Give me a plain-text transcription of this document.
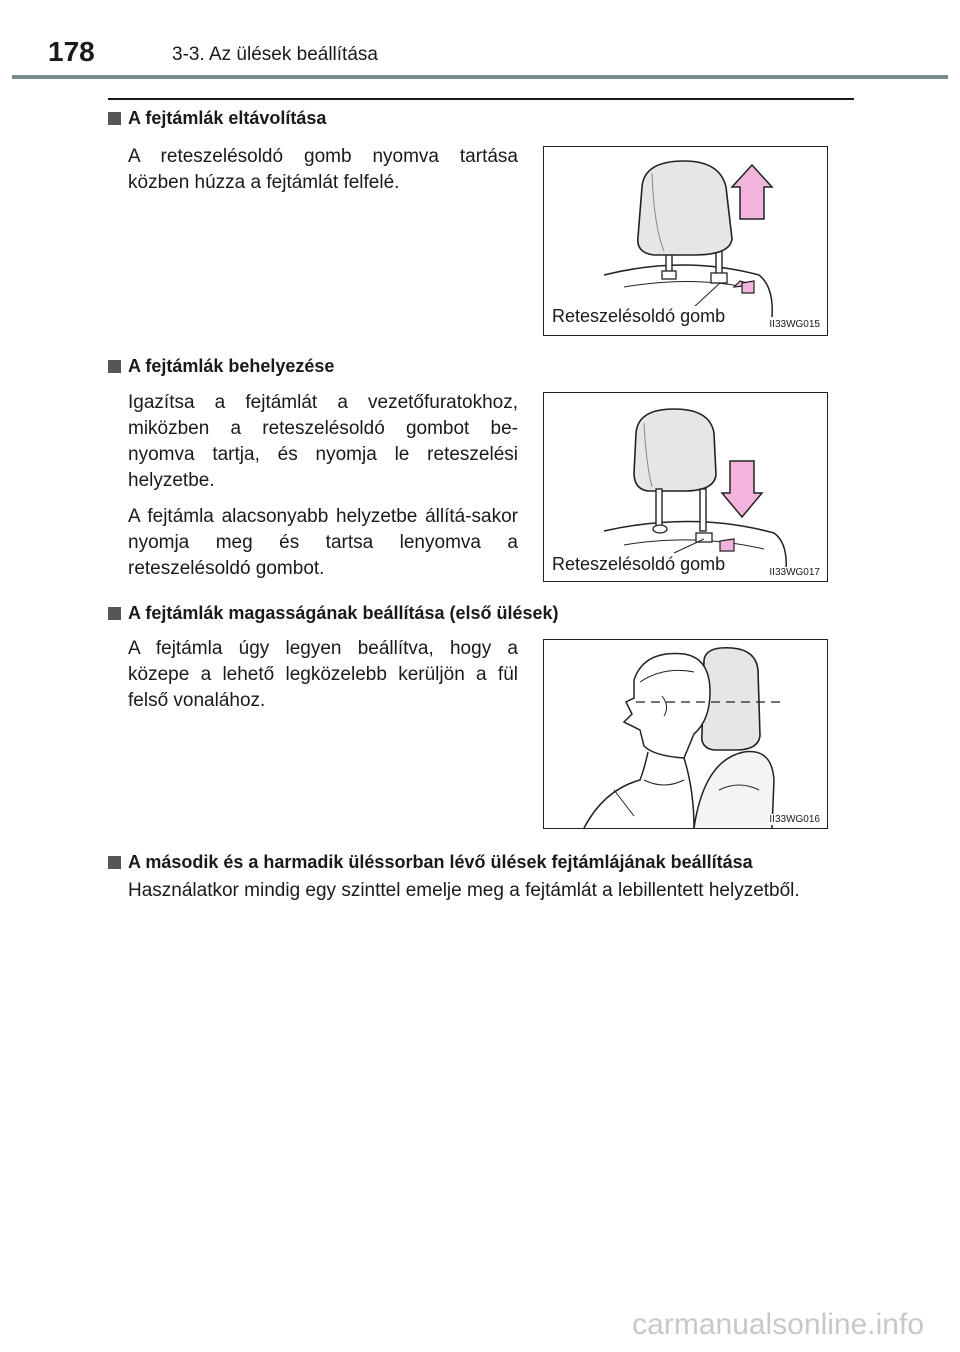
178	3-3. Az ülések beállítása
A fejtámlák eltávolítása

A reteszelésoldó gomb nyomva tartása közben húzza a fejtámlát felfelé.

Reteszelésoldó gomb	II33WG015
A fejtámlák behelyezése

Igazítsa a fejtámlát a vezetőfuratokhoz, miközben a reteszelésoldó gombot be-nyomva tartja, és nyomja le reteszelési helyzetbe.

A fejtámla alacsonyabb helyzetbe állítá-sakor nyomja meg és tartsa lenyomva a reteszelésoldó gombot.	Reteszelésoldó gomb	II33WG017
A fejtámlák magasságának beállítása (első ülések)

A fejtámla úgy legyen beállítva, hogy a közepe a lehető legközelebb kerüljön a fül felső vonalához.

II33WG016
A második és a harmadik üléssorban lévő ülések fejtámlájának beállítása
Használatkor mindig egy szinttel emelje meg a fejtámlát a lebillentett helyzetből.
carmanualsonline.info
